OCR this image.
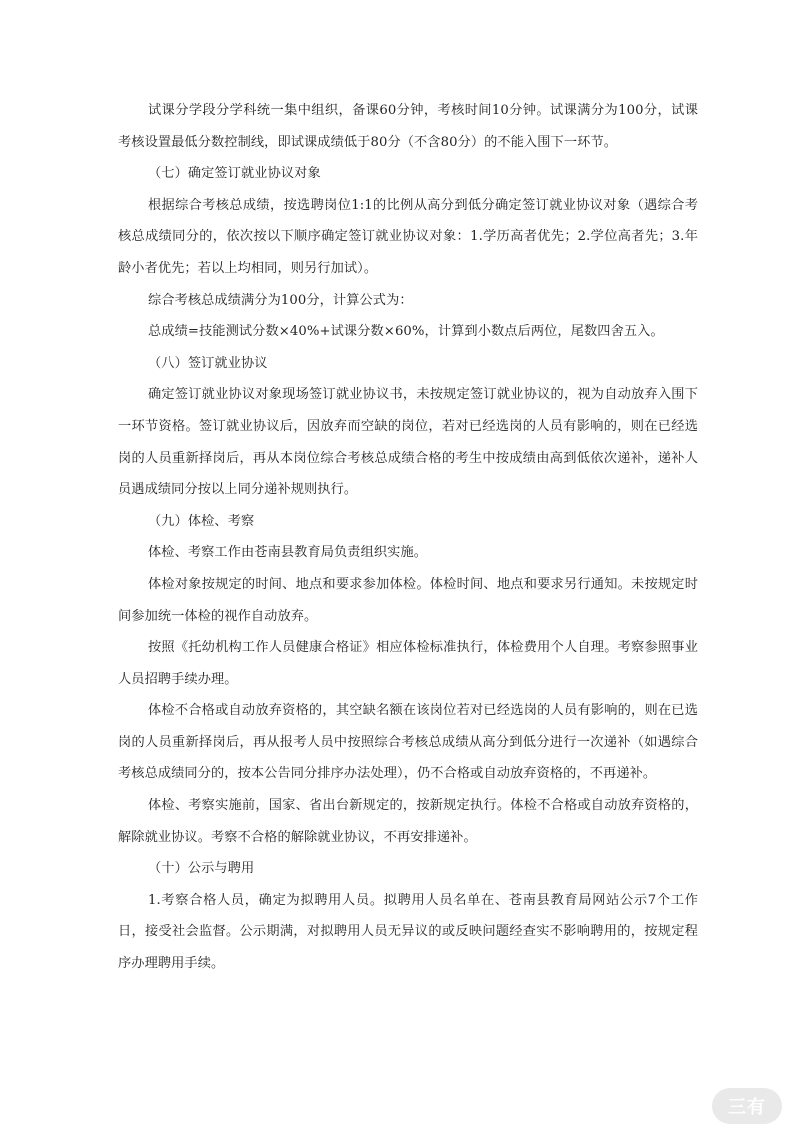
试课分学段分学科统一集中组织，备课60分钟，考核时间10分钟。试课满分为100分，试课考核设置最低分数控制线，即试课成绩低于80分（不含80分）的不能入围下一环节。

（七）确定签订就业协议对象

根据综合考核总成绩，按选聘岗位1:1的比例从高分到低分确定签订就业协议对象（遇综合考核总成绩同分的，依次按以下顺序确定签订就业协议对象：1.学历高者优先；2.学位高者先；3.年龄小者优先；若以上均相同，则另行加试）。

综合考核总成绩满分为100分，计算公式为：

总成绩=技能测试分数×40%+试课分数×60%，计算到小数点后两位，尾数四舍五入。

（八）签订就业协议

确定签订就业协议对象现场签订就业协议书，未按规定签订就业协议的，视为自动放弃入围下一环节资格。签订就业协议后，因放弃而空缺的岗位，若对已经选岗的人员有影响的，则在已经选岗的人员重新择岗后，再从本岗位综合考核总成绩合格的考生中按成绩由高到低依次递补，递补人员遇成绩同分按以上同分递补规则执行。

（九）体检、考察

体检、考察工作由苍南县教育局负责组织实施。

体检对象按规定的时间、地点和要求参加体检。体检时间、地点和要求另行通知。未按规定时间参加统一体检的视作自动放弃。

按照《托幼机构工作人员健康合格证》相应体检标准执行，体检费用个人自理。考察参照事业人员招聘手续办理。

体检不合格或自动放弃资格的，其空缺名额在该岗位若对已经选岗的人员有影响的，则在已选岗的人员重新择岗后，再从报考人员中按照综合考核总成绩从高分到低分进行一次递补（如遇综合考核总成绩同分的，按本公告同分排序办法处理），仍不合格或自动放弃资格的，不再递补。

体检、考察实施前，国家、省出台新规定的，按新规定执行。体检不合格或自动放弃资格的，解除就业协议。考察不合格的解除就业协议，不再安排递补。

（十）公示与聘用

1.考察合格人员，确定为拟聘用人员。拟聘用人员名单在、苍南县教育局网站公示7个工作日，接受社会监督。公示期满，对拟聘用人员无异议的或反映问题经查实不影响聘用的，按规定程序办理聘用手续。

三有
